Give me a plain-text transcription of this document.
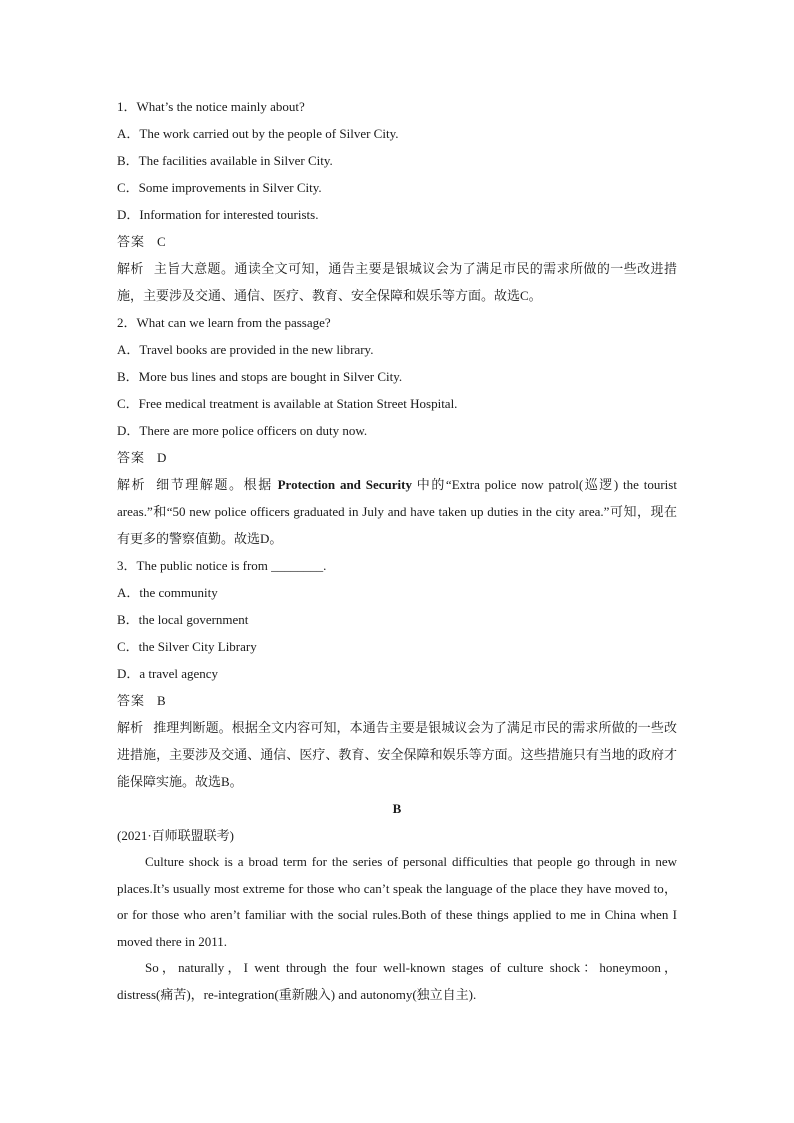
1．What’s the notice mainly about?
A．The work carried out by the people of Silver City.
B．The facilities available in Silver City.
C．Some improvements in Silver City.
D．Information for interested tourists.
答案 C
解析 主旨大意题。通读全文可知，通告主要是银城议会为了满足市民的需求所做的一些改进措施，主要涉及交通、通信、医疗、教育、安全保障和娱乐等方面。故选C。
2．What can we learn from the passage?
A．Travel books are provided in the new library.
B．More bus lines and stops are bought in Silver City.
C．Free medical treatment is available at Station Street Hospital.
D．There are more police officers on duty now.
答案 D
解析 细节理解题。根据 Protection and Security 中的“Extra police now patrol(巡逻) the tourist areas.”和“50 new police officers graduated in July and have taken up duties in the city area.”可知，现在有更多的警察值勤。故选D。
3．The public notice is from ________.
A．the community
B．the local government
C．the Silver City Library
D．a travel agency
答案 B
解析 推理判断题。根据全文内容可知，本通告主要是银城议会为了满足市民的需求所做的一些改进措施，主要涉及交通、通信、医疗、教育、安全保障和娱乐等方面。这些措施只有当地的政府才能保障实施。故选B。
B
(2021·百师联盟联考)
Culture shock is a broad term for the series of personal difficulties that people go through in new places.It’s usually most extreme for those who can’t speak the language of the place they have moved to，or for those who aren’t familiar with the social rules.Both of these things applied to me in China when I moved there in 2011.
So，naturally，I went through the four well-known stages of culture shock：honeymoon，distress(痛苦)，re-integration(重新融入) and autonomy(独立自主).
